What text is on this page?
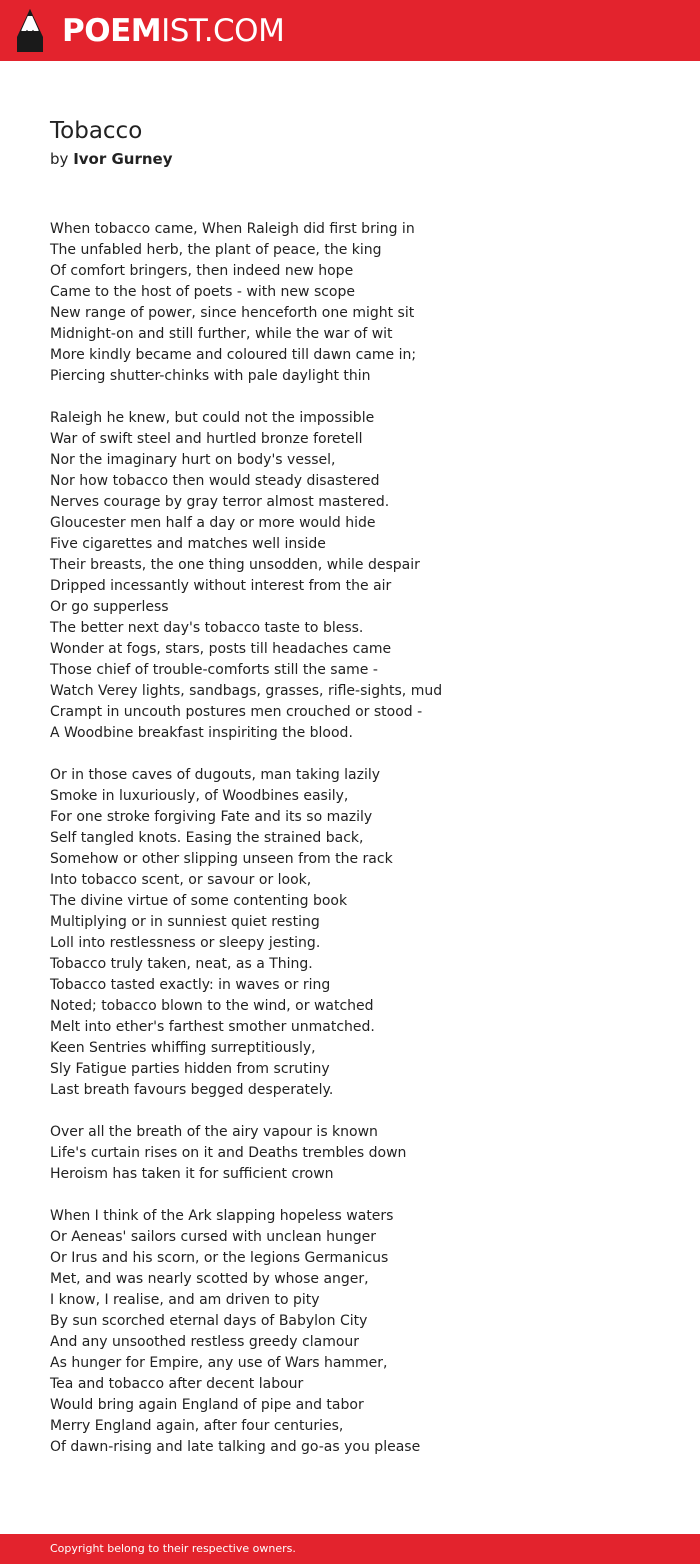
POEMIST.COM
Tobacco
by Ivor Gurney
When tobacco came, When Raleigh did first bring in
The unfabled herb, the plant of peace, the king
Of comfort bringers, then indeed new hope
Came to the host of poets - with new scope
New range of power, since henceforth one might sit
Midnight-on and still further, while the war of wit
More kindly became and coloured till dawn came in;
Piercing shutter-chinks with pale daylight thin
Raleigh he knew, but could not the impossible
War of swift steel and hurtled bronze foretell
Nor the imaginary hurt on body's vessel,
Nor how tobacco then would steady disastered
Nerves courage by gray terror almost mastered.
Gloucester men half a day or more would hide
Five cigarettes and matches well inside
Their breasts, the one thing unsodden, while despair
Dripped incessantly without interest from the air
Or go supperless
The better next day's tobacco taste to bless.
Wonder at fogs, stars, posts till headaches came
Those chief of trouble-comforts still the same -
Watch Verey lights, sandbags, grasses, rifle-sights, mud
Crampt in uncouth postures men crouched or stood -
A Woodbine breakfast inspiriting the blood.
Or in those caves of dugouts, man taking lazily
Smoke in luxuriously, of Woodbines easily,
For one stroke forgiving Fate and its so mazily
Self tangled knots. Easing the strained back,
Somehow or other slipping unseen from the rack
Into tobacco scent, or savour or look,
The divine virtue of some contenting book
Multiplying or in sunniest quiet resting
Loll into restlessness or sleepy jesting.
Tobacco truly taken, neat, as a Thing.
Tobacco tasted exactly: in waves or ring
Noted; tobacco blown to the wind, or watched
Melt into ether's farthest smother unmatched.
Keen Sentries whiffing surreptitiously,
Sly Fatigue parties hidden from scrutiny
Last breath favours begged desperately.
Over all the breath of the airy vapour is known
Life's curtain rises on it and Deaths trembles down
Heroism has taken it for sufficient crown
When I think of the Ark slapping hopeless waters
Or Aeneas' sailors cursed with unclean hunger
Or Irus and his scorn, or the legions Germanicus
Met, and was nearly scotted by whose anger,
I know, I realise, and am driven to pity
By sun scorched eternal days of Babylon City
And any unsoothed restless greedy clamour
As hunger for Empire, any use of Wars hammer,
Tea and tobacco after decent labour
Would bring again England of pipe and tabor
Merry England again, after four centuries,
Of dawn-rising and late talking and go-as you please
Copyright belong to their respective owners.
